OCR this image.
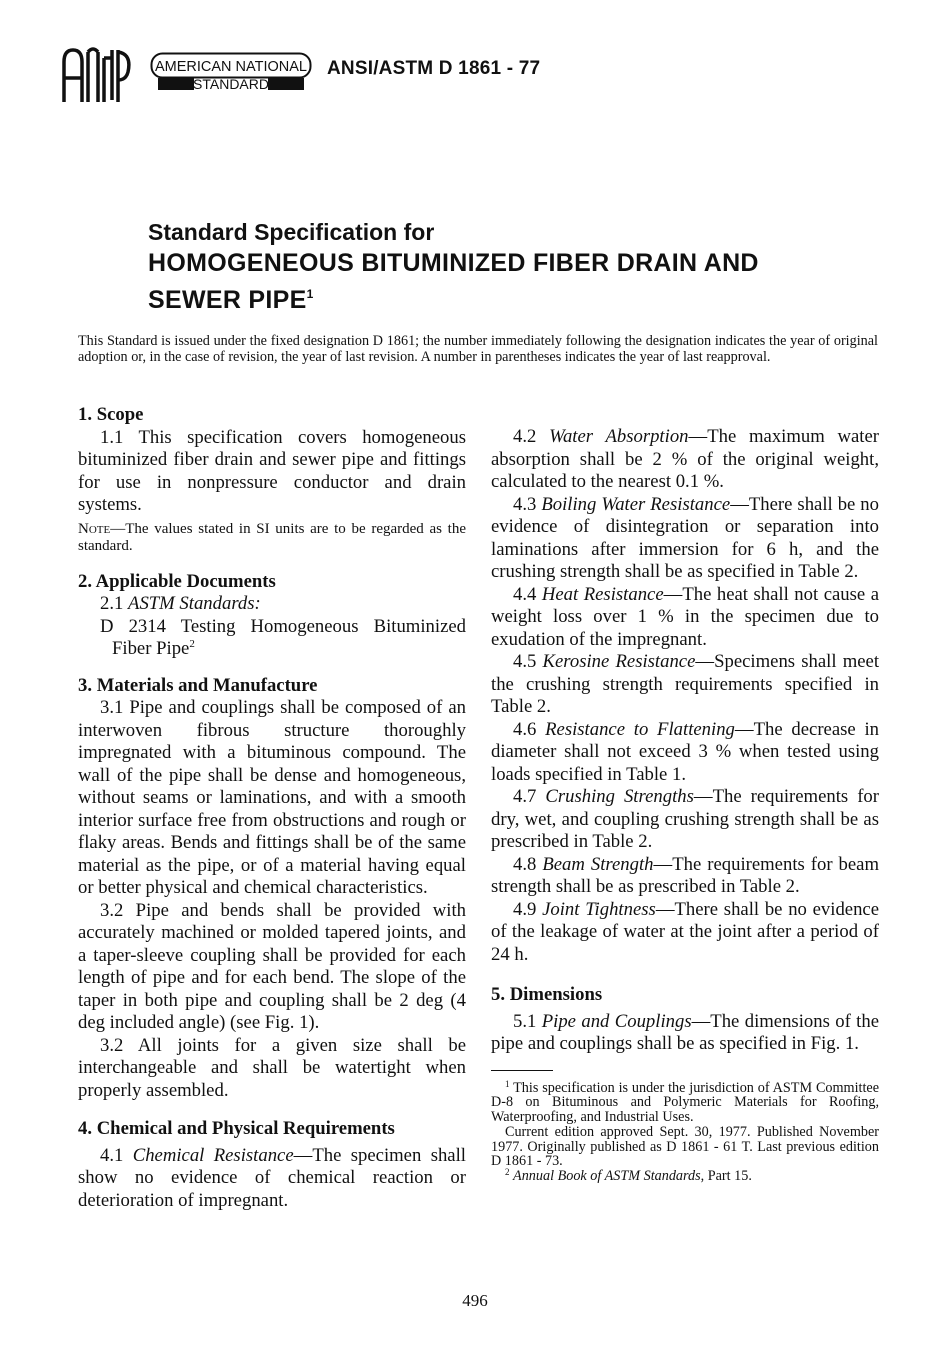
AMERICAN NATIONAL
STANDARD
ANSI/ASTM D 1861 - 77
Standard Specification for
HOMOGENEOUS BITUMINIZED FIBER DRAIN AND
SEWER PIPE$^1$
This Standard is issued under the fixed designation D 1861; the number immediately following the designation indicates the year of original adoption or, in the case of revision, the year of last revision. A number in parentheses indicates the year of last reapproval.
1. Scope

1.1 This specification covers homogeneous bituminized fiber drain and sewer pipe and fittings for use in nonpressure conductor and drain systems.

Note—The values stated in SI units are to be regarded as the standard.

2. Applicable Documents

2.1 ASTM Standards:

D 2314 Testing Homogeneous Bituminized Fiber Pipe$^2$

3. Materials and Manufacture

3.1 Pipe and couplings shall be composed of an interwoven fibrous structure thoroughly impregnated with a bituminous compound. The wall of the pipe shall be dense and homogeneous, without seams or laminations, and with a smooth interior surface free from obstructions and rough or flaky areas. Bends and fittings shall be of the same material as the pipe, or of a material having equal or better physical and chemical characteristics.

3.2 Pipe and bends shall be provided with accurately machined or molded tapered joints, and a taper-sleeve coupling shall be provided for each length of pipe and for each bend. The slope of the taper in both pipe and coupling shall be 2 deg (4 deg included angle) (see Fig. 1).

3.2 All joints for a given size shall be interchangeable and shall be watertight when properly assembled.

4. Chemical and Physical Requirements

4.1 Chemical Resistance—The specimen shall show no evidence of chemical reaction or deterioration of impregnant.

4.2 Water Absorption—The maximum water absorption shall be 2 % of the original weight, calculated to the nearest 0.1 %.

4.3 Boiling Water Resistance—There shall be no evidence of disintegration or separation into laminations after immersion for 6 h, and the crushing strength shall be as specified in Table 2.

4.4 Heat Resistance—The heat shall not cause a weight loss over 1 % in the specimen due to exudation of the impregnant.

4.5 Kerosine Resistance—Specimens shall meet the crushing strength requirements specified in Table 2.

4.6 Resistance to Flattening—The decrease in diameter shall not exceed 3 % when tested using loads specified in Table 1.

4.7 Crushing Strengths—The requirements for dry, wet, and coupling crushing strength shall be as prescribed in Table 2.

4.8 Beam Strength—The requirements for beam strength shall be as prescribed in Table 2.

4.9 Joint Tightness—There shall be no evidence of the leakage of water at the joint after a period of 24 h.

5. Dimensions

5.1 Pipe and Couplings—The dimensions of the pipe and couplings shall be as specified in Fig. 1.

$^1$ This specification is under the jurisdiction of ASTM Committee D-8 on Bituminous and Polymeric Materials for Roofing, Waterproofing, and Industrial Uses.

Current edition approved Sept. 30, 1977. Published November 1977. Originally published as D 1861 - 61 T. Last previous edition D 1861 - 73.

$^2$ Annual Book of ASTM Standards, Part 15.

496
